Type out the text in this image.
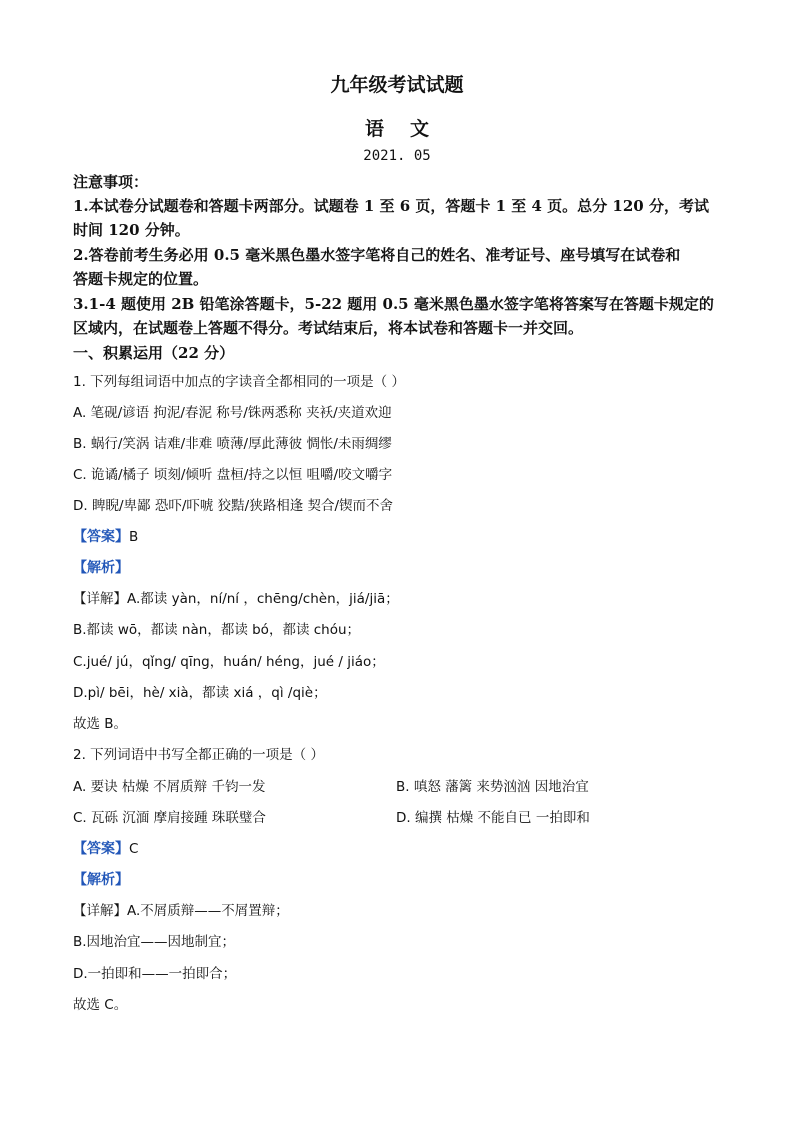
九年级考试试题
语文
2021. 05
注意事项：
1.本试卷分试题卷和答题卡两部分。试题卷 1 至 6 页，答题卡 1 至 4 页。总分 120 分，考试
时间 120 分钟。
2.答卷前考生务必用 0.5 毫米黑色墨水签字笔将自己的姓名、准考证号、座号填写在试卷和
答题卡规定的位置。
3.1-4 题使用 2B 铅笔涂答题卡，5-22 题用 0.5 毫米黑色墨水签字笔将答案写在答题卡规定的
区域内，在试题卷上答题不得分。考试结束后，将本试卷和答题卡一并交回。
一、积累运用（22 分）
1. 下列每组词语中加点的字读音全都相同的一项是（ ）
A. 笔砚/谚语 拘泥/春泥 称号/铢两悉称 夹袄/夹道欢迎
B. 蜗行/笑涡 诘难/非难 喷薄/厚此薄彼 惆怅/未雨绸缪
C. 诡谲/橘子 顷刻/倾听 盘桓/持之以恒 咀嚼/咬文嚼字
D. 睥睨/卑鄙 恐吓/吓唬 狡黠/狭路相逢 契合/锲而不舍
【答案】B
【解析】
【详解】A.都读 yàn，ní/ní ，chēng/chèn，jiá/jiā；
B.都读 wō，都读 nàn，都读 bó，都读 chóu；
C.jué/ jú，qǐng/ qīng，huán/ héng，jué / jiáo；
D.pì/ bēi，hè/ xià，都读 xiá ，qì /qiè；
故选 B。
2. 下列词语中书写全都正确的一项是（ ）
A. 要诀 枯燥 不屑质辩 千钧一发	B. 嗔怒 藩篱 来势汹汹 因地治宜
C. 瓦砾 沉湎 摩肩接踵 珠联璧合	D. 编撰 枯燥 不能自已 一拍即和
【答案】C
【解析】
【详解】A.不屑质辩——不屑置辩；
B.因地治宜——因地制宜；
D.一拍即和——一拍即合；
故选 C。
